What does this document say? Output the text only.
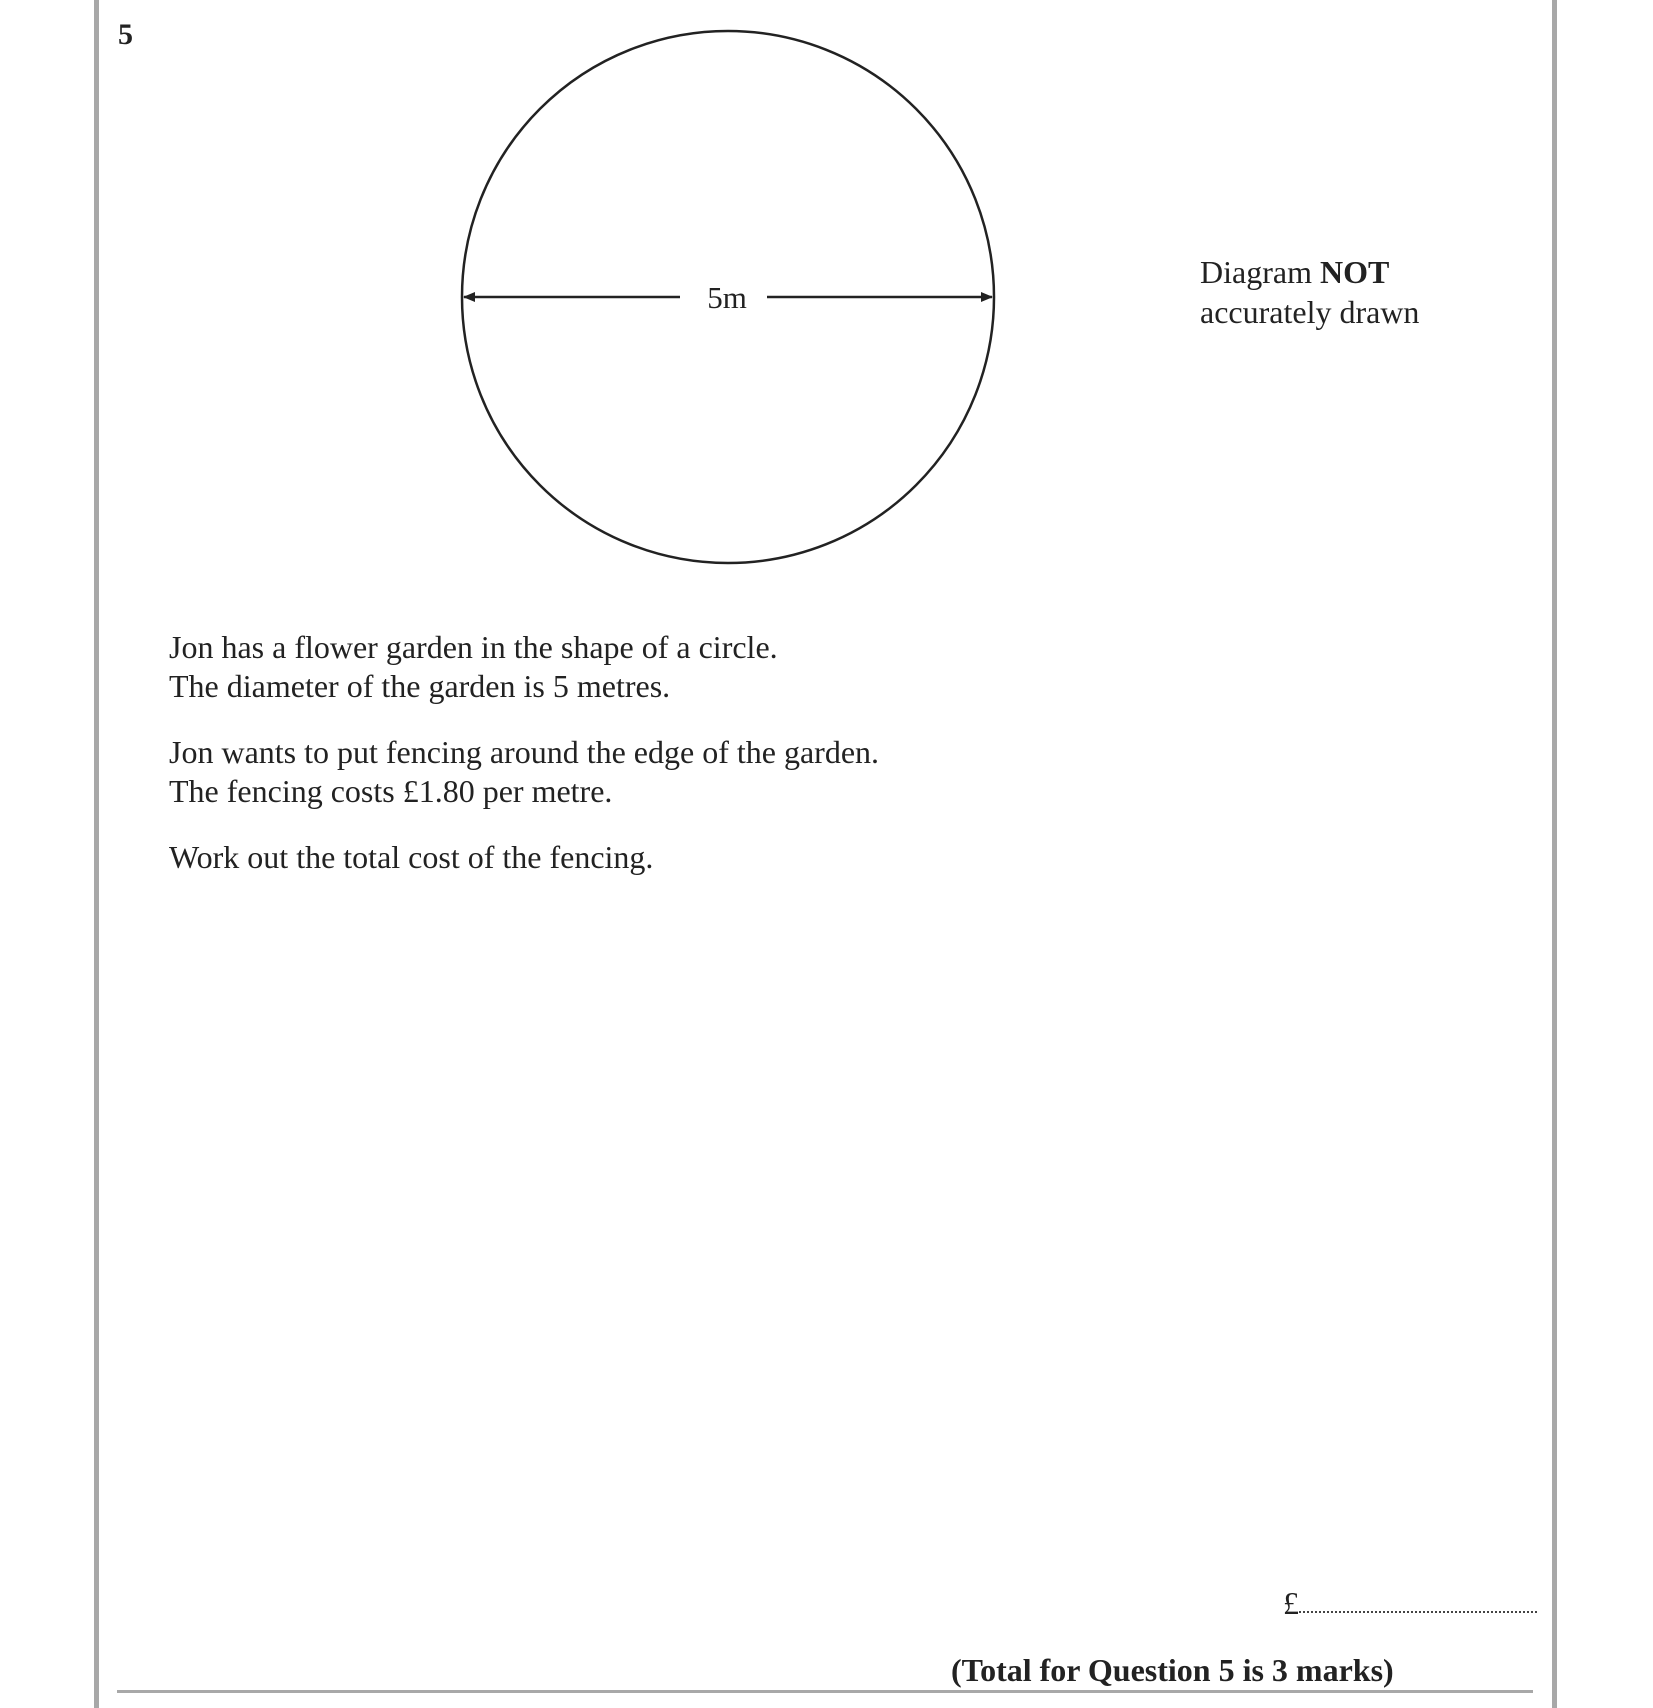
5
5m
Diagram NOT
accurately drawn
Jon has a flower garden in the shape of a circle.
The diameter of the garden is 5 metres.
Jon wants to put fencing around the edge of the garden.
The fencing costs £1.80 per metre.
Work out the total cost of the fencing.
£
(Total for Question 5 is 3 marks)
